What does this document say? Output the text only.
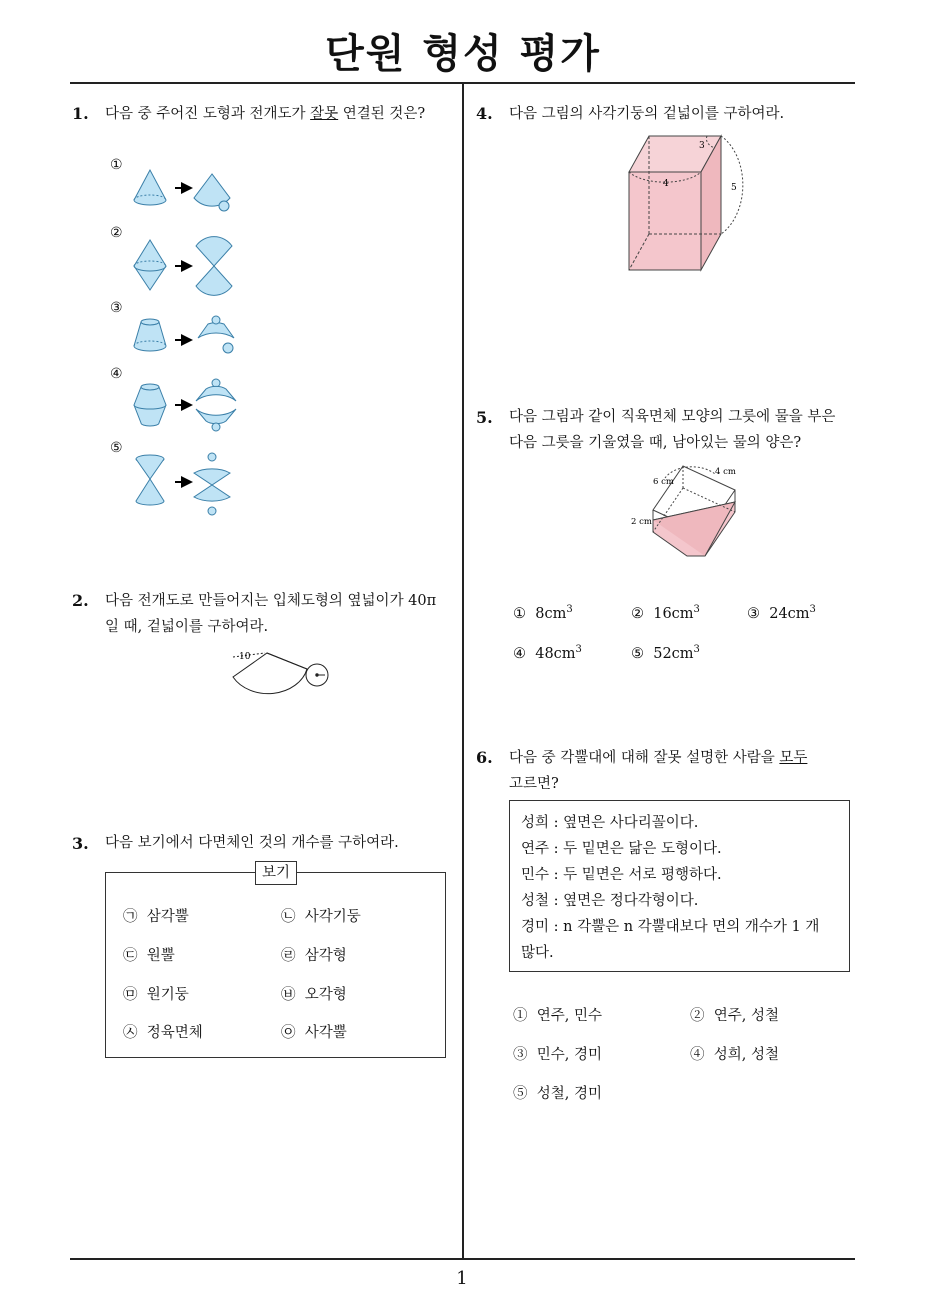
단원 형성 평가
1
1. 다음 중 주어진 도형과 전개도가 잘못 연결된 것은?
①
②
③
④
⑤
2. 다음 전개도로 만들어지는 입체도형의 옆넓이가 40π
일 때, 겉넓이를 구하여라.
10
3. 다음 보기에서 다면체인 것의 개수를 구하여라.
보기
㉠ 삼각뿔	㉡ 사각기둥
㉢ 원뿔	㉣ 삼각형
㉤ 원기둥	㉥ 오각형
㉦ 정육면체	㉧ 사각뿔
4. 다음 그림의 사각기둥의 겉넓이를 구하여라.
3
4	5
5. 다음 그림과 같이 직육면체 모양의 그릇에 물을 부은
다음 그릇을 기울였을 때, 남아있는 물의 양은?
6 cm
4 cm
2 cm
① $8cm^3$	② $16cm^3$	③ $24cm^3$
④ $48cm^3$	⑤ $52cm^3$
6. 다음 중 각뿔대에 대해 잘못 설명한 사람을 모두
고르면?
성희 : 옆면은 사다리꼴이다.
연주 : 두 밑면은 닮은 도형이다.
민수 : 두 밑면은 서로 평행하다.
성철 : 옆면은 정다각형이다.
경미 : n 각뿔은 n 각뿔대보다 면의 개수가 1 개
많다.
① 연주, 민수	② 연주, 성철
③ 민수, 경미	④ 성희, 성철
⑤ 성철, 경미
